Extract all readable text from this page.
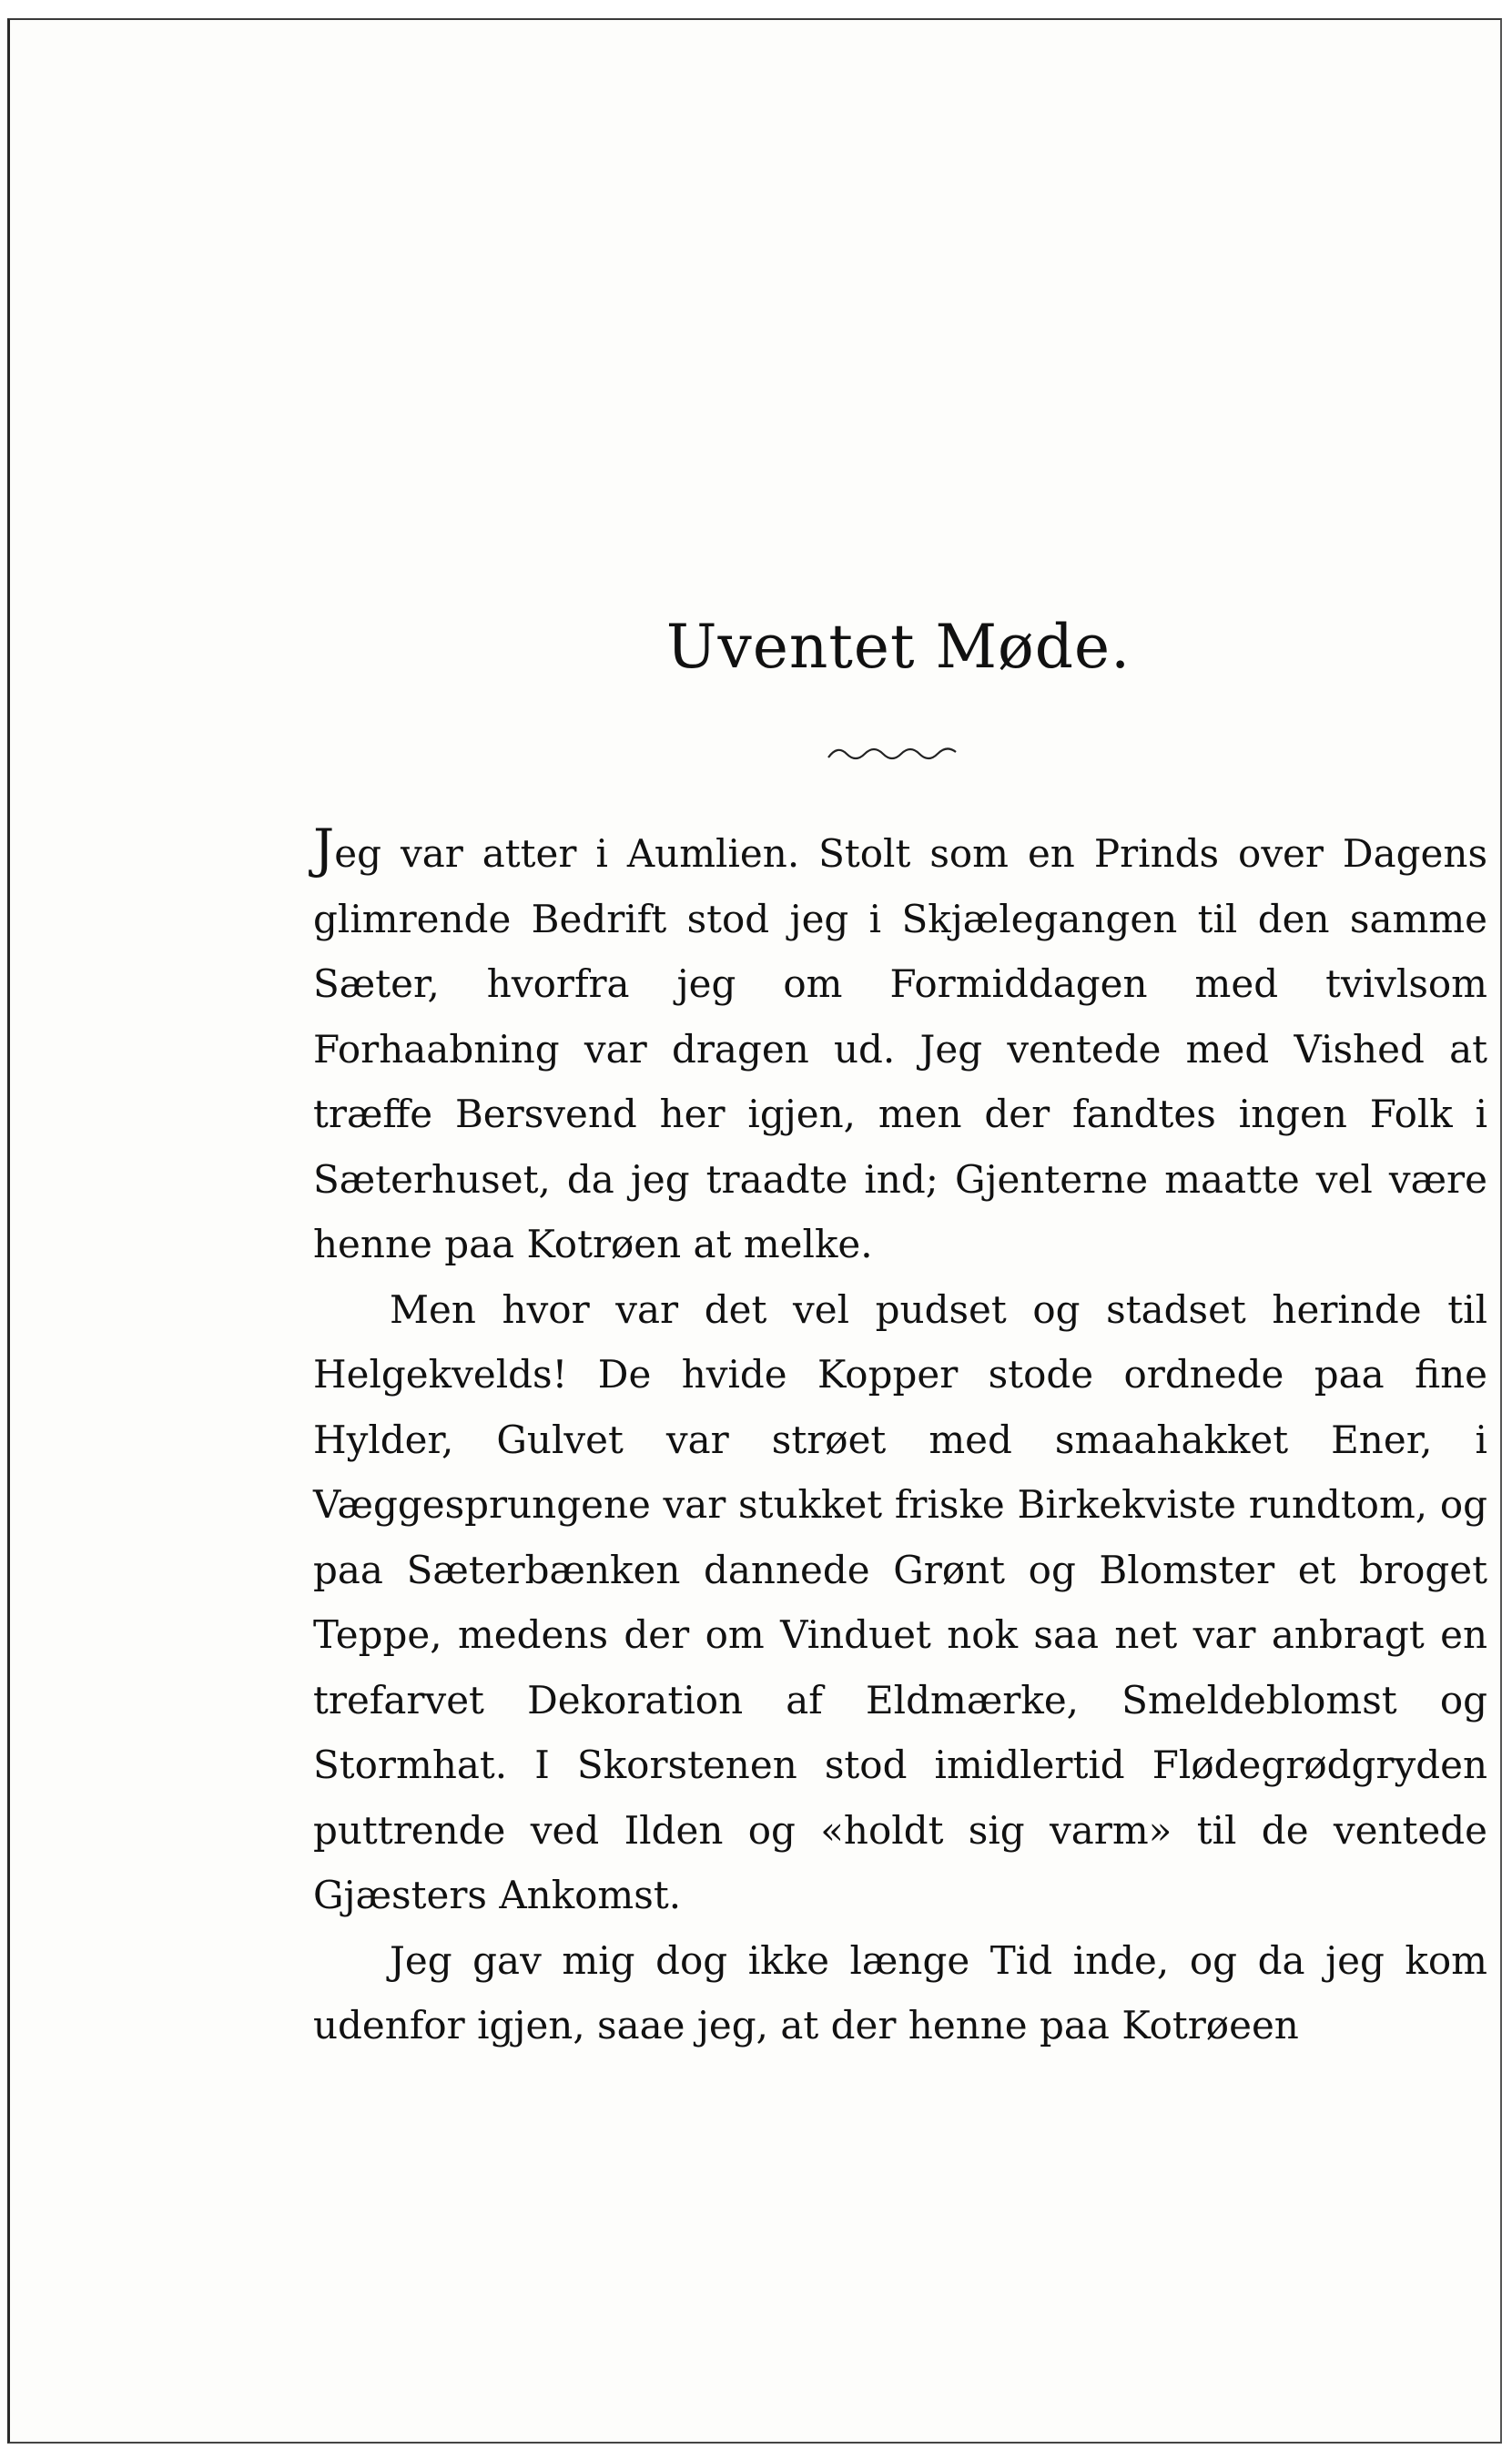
Uventet Møde.

Jeg var atter i Aumlien. Stolt som en Prinds over Dagens glimrende Bedrift stod jeg i Skjælegangen til den samme Sæter, hvorfra jeg om Formiddagen med tvivlsom Forhaabning var dragen ud. Jeg ventede med Vished at træffe Bersvend her igjen, men der fandtes ingen Folk i Sæterhuset, da jeg traadte ind; Gjenterne maatte vel være henne paa Kotrøen at melke.

Men hvor var det vel pudset og stadset herinde til Helgekvelds! De hvide Kopper stode ordnede paa fine Hylder, Gulvet var strøet med smaahakket Ener, i Væggesprungene var stukket friske Birkekviste rundtom, og paa Sæterbænken dannede Grønt og Blomster et broget Teppe, medens der om Vinduet nok saa net var anbragt en trefarvet Dekoration af Eldmærke, Smeldeblomst og Stormhat. I Skorstenen stod imidlertid Flødegrødgryden puttrende ved Ilden og «holdt sig varm» til de ventede Gjæsters Ankomst.

Jeg gav mig dog ikke længe Tid inde, og da jeg kom udenfor igjen, saae jeg, at der henne paa Kotrøeen
